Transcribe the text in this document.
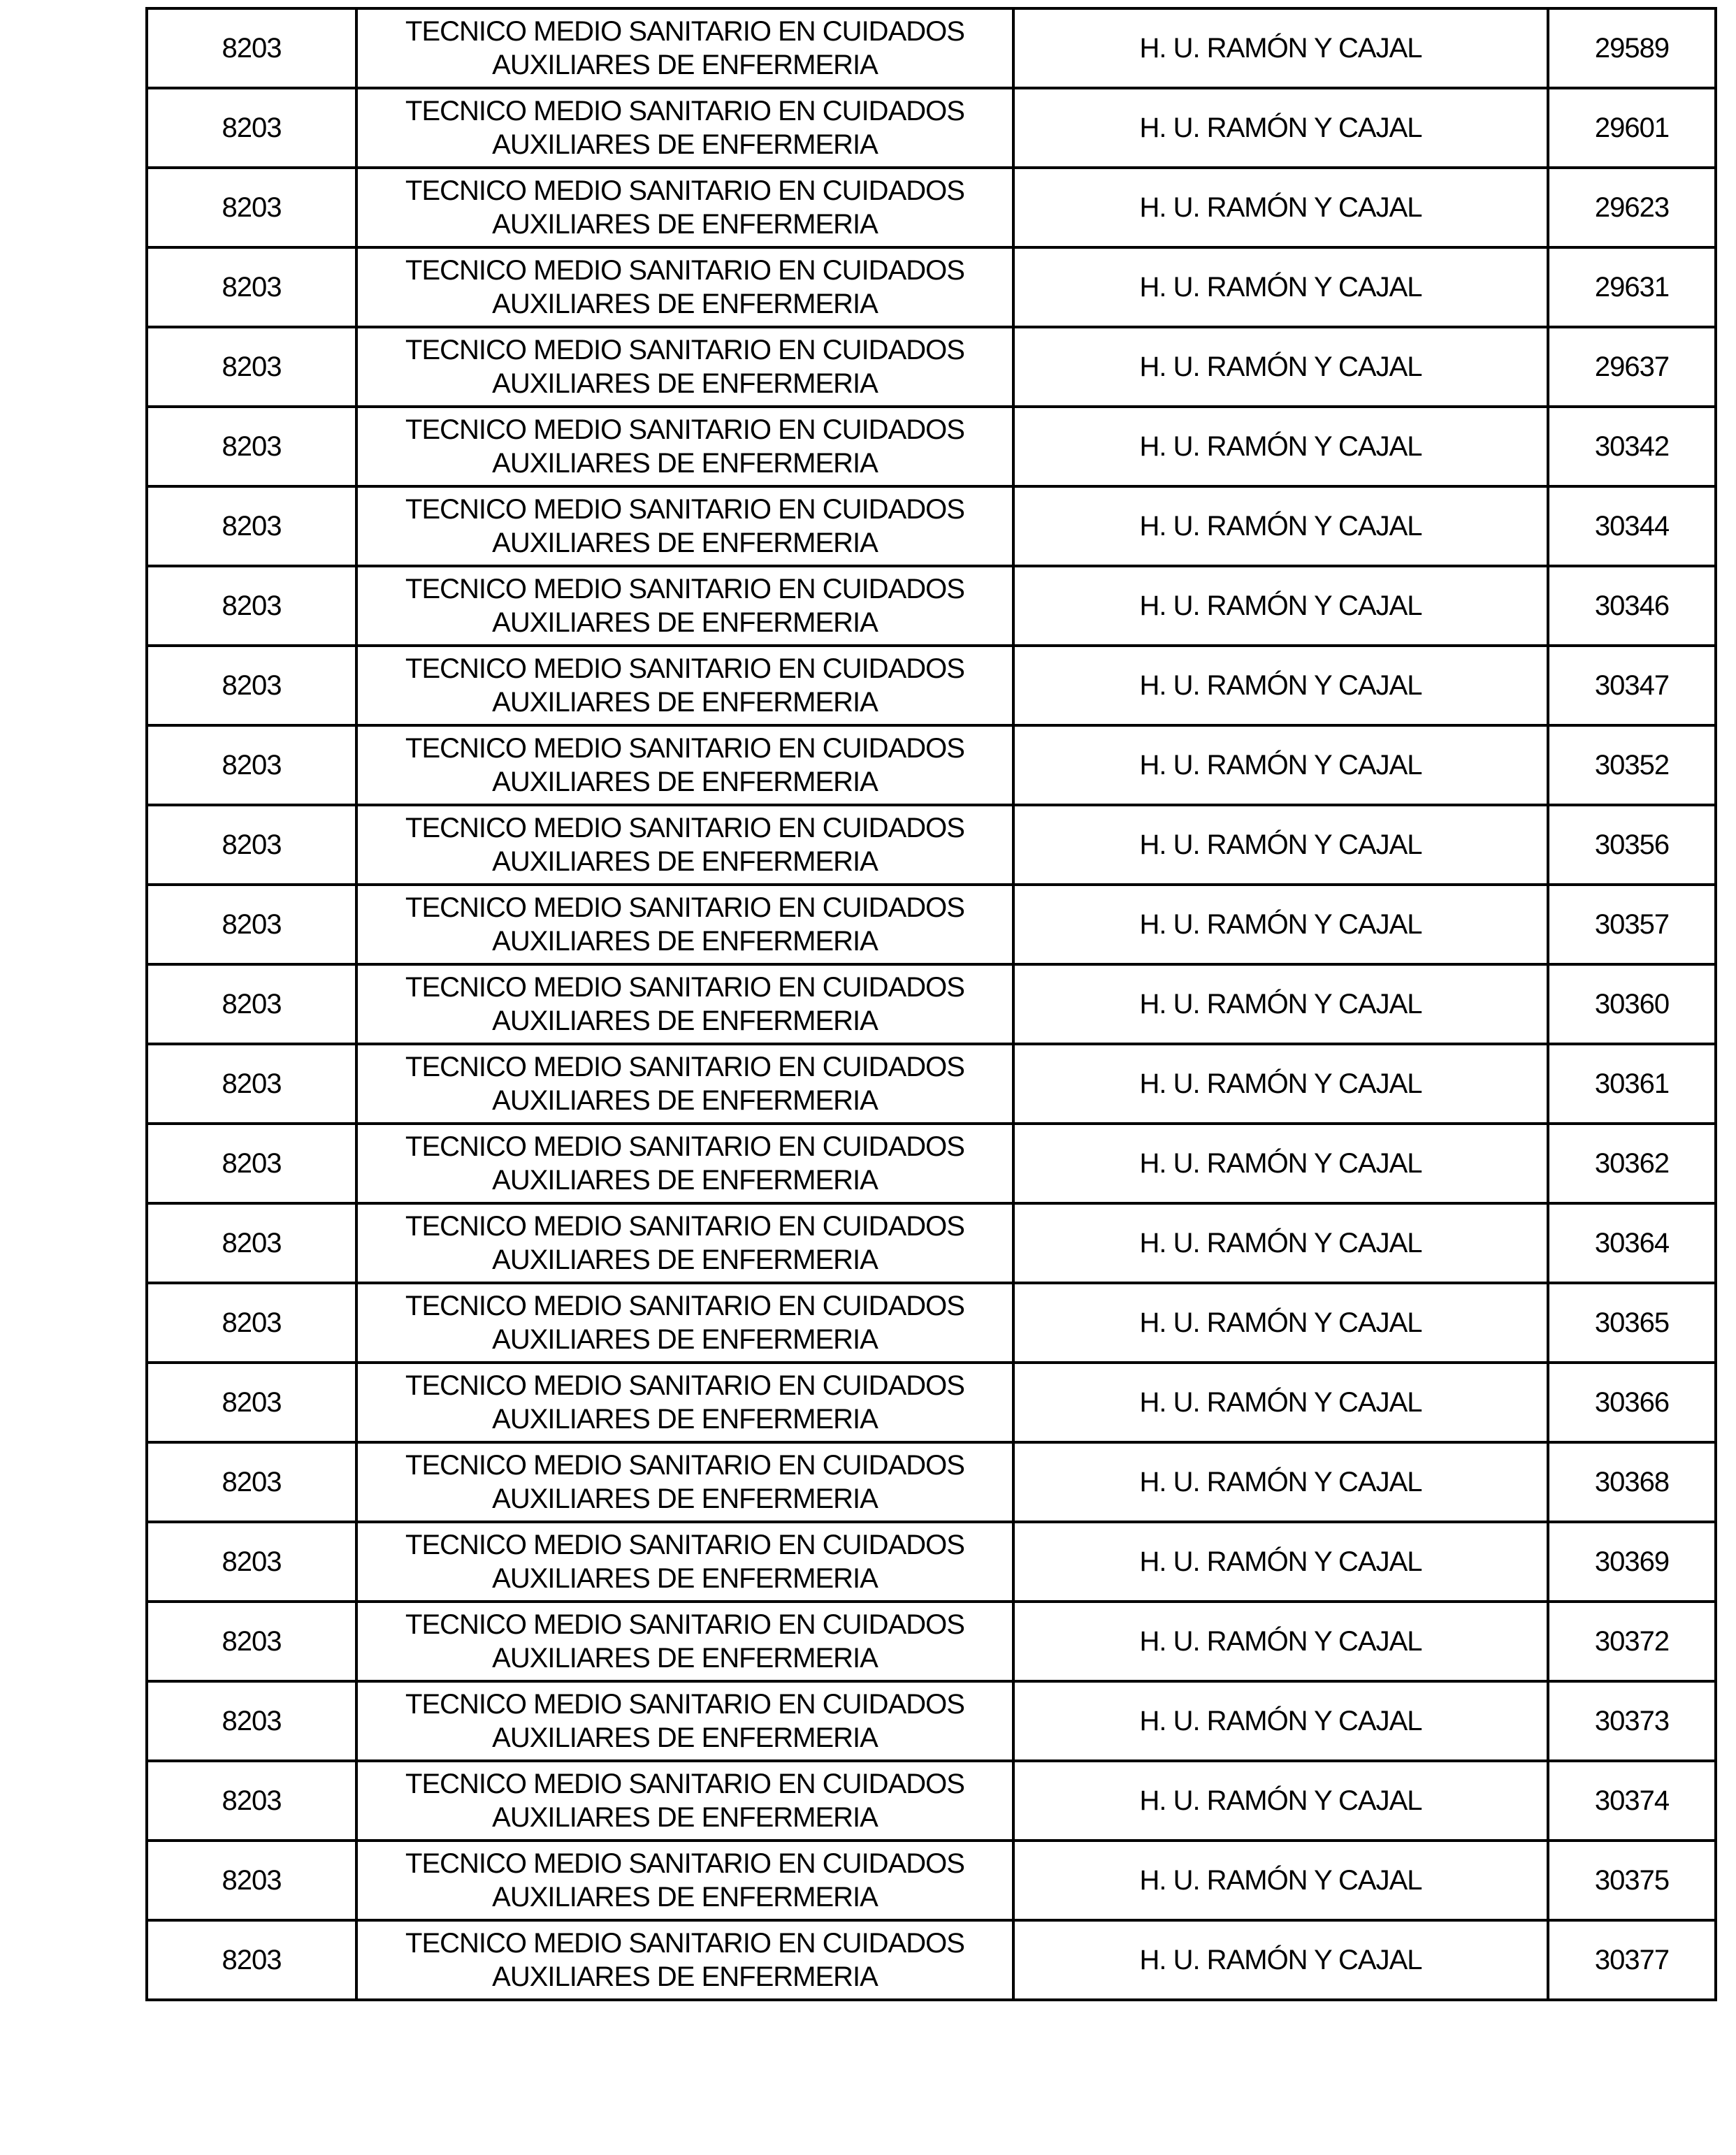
8203	TECNICO MEDIO SANITARIO EN CUIDADOS AUXILIARES DE ENFERMERIA	H. U. RAMÓN Y CAJAL	29589
8203	TECNICO MEDIO SANITARIO EN CUIDADOS AUXILIARES DE ENFERMERIA	H. U. RAMÓN Y CAJAL	29601
8203	TECNICO MEDIO SANITARIO EN CUIDADOS AUXILIARES DE ENFERMERIA	H. U. RAMÓN Y CAJAL	29623
8203	TECNICO MEDIO SANITARIO EN CUIDADOS AUXILIARES DE ENFERMERIA	H. U. RAMÓN Y CAJAL	29631
8203	TECNICO MEDIO SANITARIO EN CUIDADOS AUXILIARES DE ENFERMERIA	H. U. RAMÓN Y CAJAL	29637
8203	TECNICO MEDIO SANITARIO EN CUIDADOS AUXILIARES DE ENFERMERIA	H. U. RAMÓN Y CAJAL	30342
8203	TECNICO MEDIO SANITARIO EN CUIDADOS AUXILIARES DE ENFERMERIA	H. U. RAMÓN Y CAJAL	30344
8203	TECNICO MEDIO SANITARIO EN CUIDADOS AUXILIARES DE ENFERMERIA	H. U. RAMÓN Y CAJAL	30346
8203	TECNICO MEDIO SANITARIO EN CUIDADOS AUXILIARES DE ENFERMERIA	H. U. RAMÓN Y CAJAL	30347
8203	TECNICO MEDIO SANITARIO EN CUIDADOS AUXILIARES DE ENFERMERIA	H. U. RAMÓN Y CAJAL	30352
8203	TECNICO MEDIO SANITARIO EN CUIDADOS AUXILIARES DE ENFERMERIA	H. U. RAMÓN Y CAJAL	30356
8203	TECNICO MEDIO SANITARIO EN CUIDADOS AUXILIARES DE ENFERMERIA	H. U. RAMÓN Y CAJAL	30357
8203	TECNICO MEDIO SANITARIO EN CUIDADOS AUXILIARES DE ENFERMERIA	H. U. RAMÓN Y CAJAL	30360
8203	TECNICO MEDIO SANITARIO EN CUIDADOS AUXILIARES DE ENFERMERIA	H. U. RAMÓN Y CAJAL	30361
8203	TECNICO MEDIO SANITARIO EN CUIDADOS AUXILIARES DE ENFERMERIA	H. U. RAMÓN Y CAJAL	30362
8203	TECNICO MEDIO SANITARIO EN CUIDADOS AUXILIARES DE ENFERMERIA	H. U. RAMÓN Y CAJAL	30364
8203	TECNICO MEDIO SANITARIO EN CUIDADOS AUXILIARES DE ENFERMERIA	H. U. RAMÓN Y CAJAL	30365
8203	TECNICO MEDIO SANITARIO EN CUIDADOS AUXILIARES DE ENFERMERIA	H. U. RAMÓN Y CAJAL	30366
8203	TECNICO MEDIO SANITARIO EN CUIDADOS AUXILIARES DE ENFERMERIA	H. U. RAMÓN Y CAJAL	30368
8203	TECNICO MEDIO SANITARIO EN CUIDADOS AUXILIARES DE ENFERMERIA	H. U. RAMÓN Y CAJAL	30369
8203	TECNICO MEDIO SANITARIO EN CUIDADOS AUXILIARES DE ENFERMERIA	H. U. RAMÓN Y CAJAL	30372
8203	TECNICO MEDIO SANITARIO EN CUIDADOS AUXILIARES DE ENFERMERIA	H. U. RAMÓN Y CAJAL	30373
8203	TECNICO MEDIO SANITARIO EN CUIDADOS AUXILIARES DE ENFERMERIA	H. U. RAMÓN Y CAJAL	30374
8203	TECNICO MEDIO SANITARIO EN CUIDADOS AUXILIARES DE ENFERMERIA	H. U. RAMÓN Y CAJAL	30375
8203	TECNICO MEDIO SANITARIO EN CUIDADOS AUXILIARES DE ENFERMERIA	H. U. RAMÓN Y CAJAL	30377
